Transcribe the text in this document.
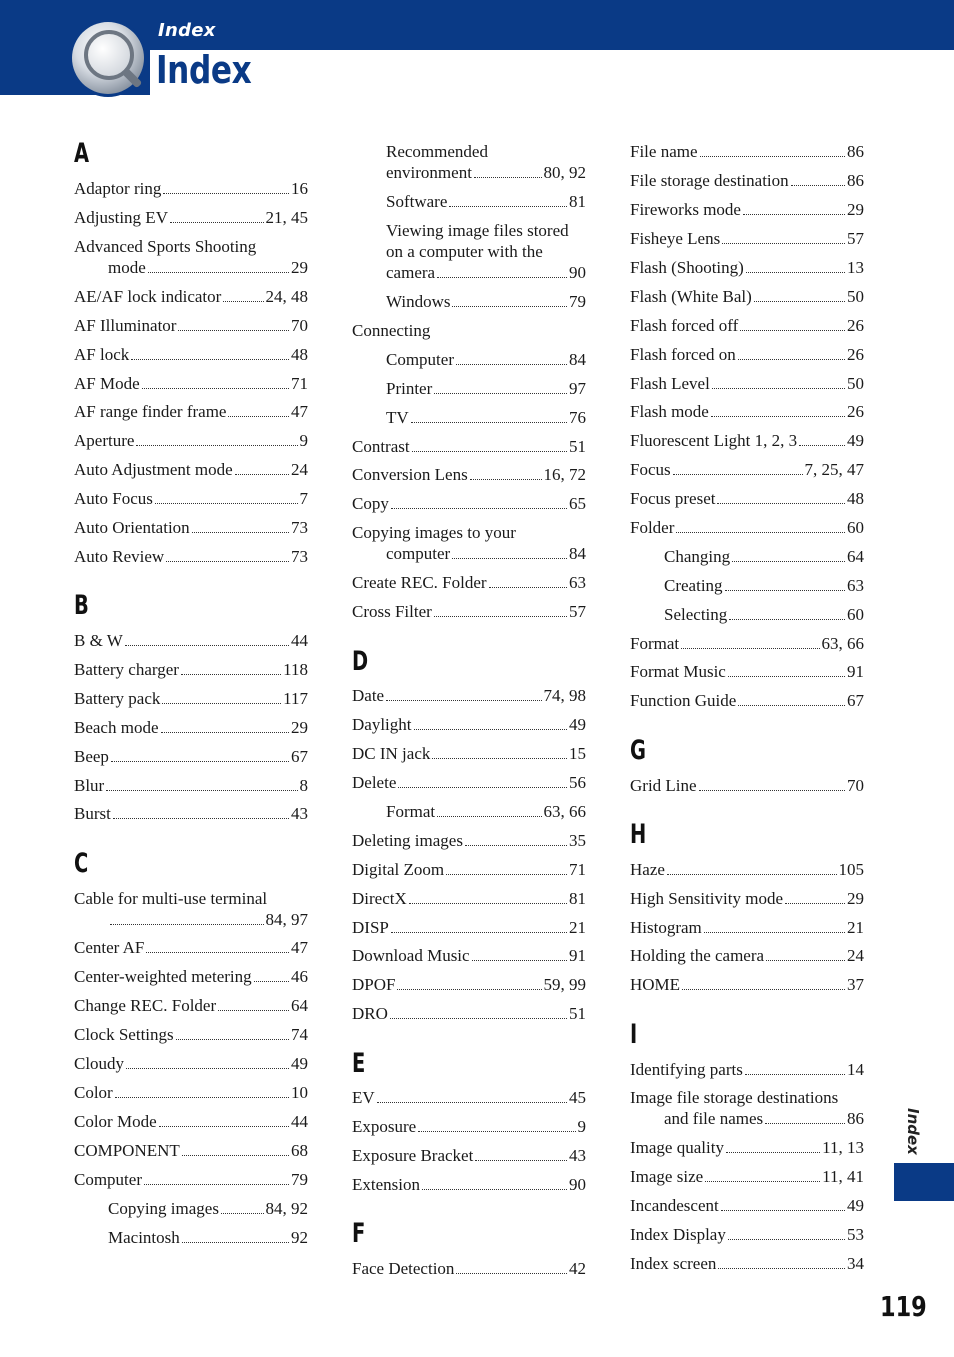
Index
Index
A
Adaptor ring	16
Adjusting EV	21, 45
Advanced Sports Shooting
mode	29
AE/AF lock indicator	24, 48
AF Illuminator	70
AF lock	48
AF Mode	71
AF range finder frame	47
Aperture	9
Auto Adjustment mode	24
Auto Focus	7
Auto Orientation	73
Auto Review	73
B
B & W	44
Battery charger	118
Battery pack	117
Beach mode	29
Beep	67
Blur	8
Burst	43
C
Cable for multi-use terminal
84, 97
Center AF	47
Center-weighted metering 46
Change REC. Folder	64
Clock Settings	74
Cloudy	49
Color	10
Color Mode	44
COMPONENT	68
Computer	79
Copying images	84, 92
Macintosh	92
Recommended
environment	80, 92
Software	81
Viewing image files stored
on a computer with the
camera	90
Windows	79
Connecting
Computer	84
Printer	97
TV	76
Contrast	51
Conversion Lens	16, 72
Copy	65
Copying images to your
computer	84
Create REC. Folder	63
Cross Filter	57
D
Date	74, 98
Daylight	49
DC IN jack	15
Delete	56
Format	63, 66
Deleting images	35
Digital Zoom	71
DirectX	81
DISP	21
Download Music	91
DPOF	59, 99
DRO	51
E
EV	45
Exposure	9
Exposure Bracket	43
Extension	90
F
Face Detection	42
File name	86
File storage destination	86
Fireworks mode	29
Fisheye Lens	57
Flash (Shooting)	13
Flash (White Bal)	50
Flash forced off	26
Flash forced on	26
Flash Level	50
Flash mode	26
Fluorescent Light 1, 2, 3	49
Focus	7, 25, 47
Focus preset	48
Folder	60
Changing	64
Creating	63
Selecting	60
Format	63, 66
Format Music	91
Function Guide	67
G
Grid Line	70
H
Haze	105
High Sensitivity mode	29
Histogram	21
Holding the camera	24
HOME	37
I
Identifying parts	14
Image file storage destinations
and file names	86
Image quality	11, 13
Image size	11, 41
Incandescent	49
Index Display	53
Index screen	34
Index
119
